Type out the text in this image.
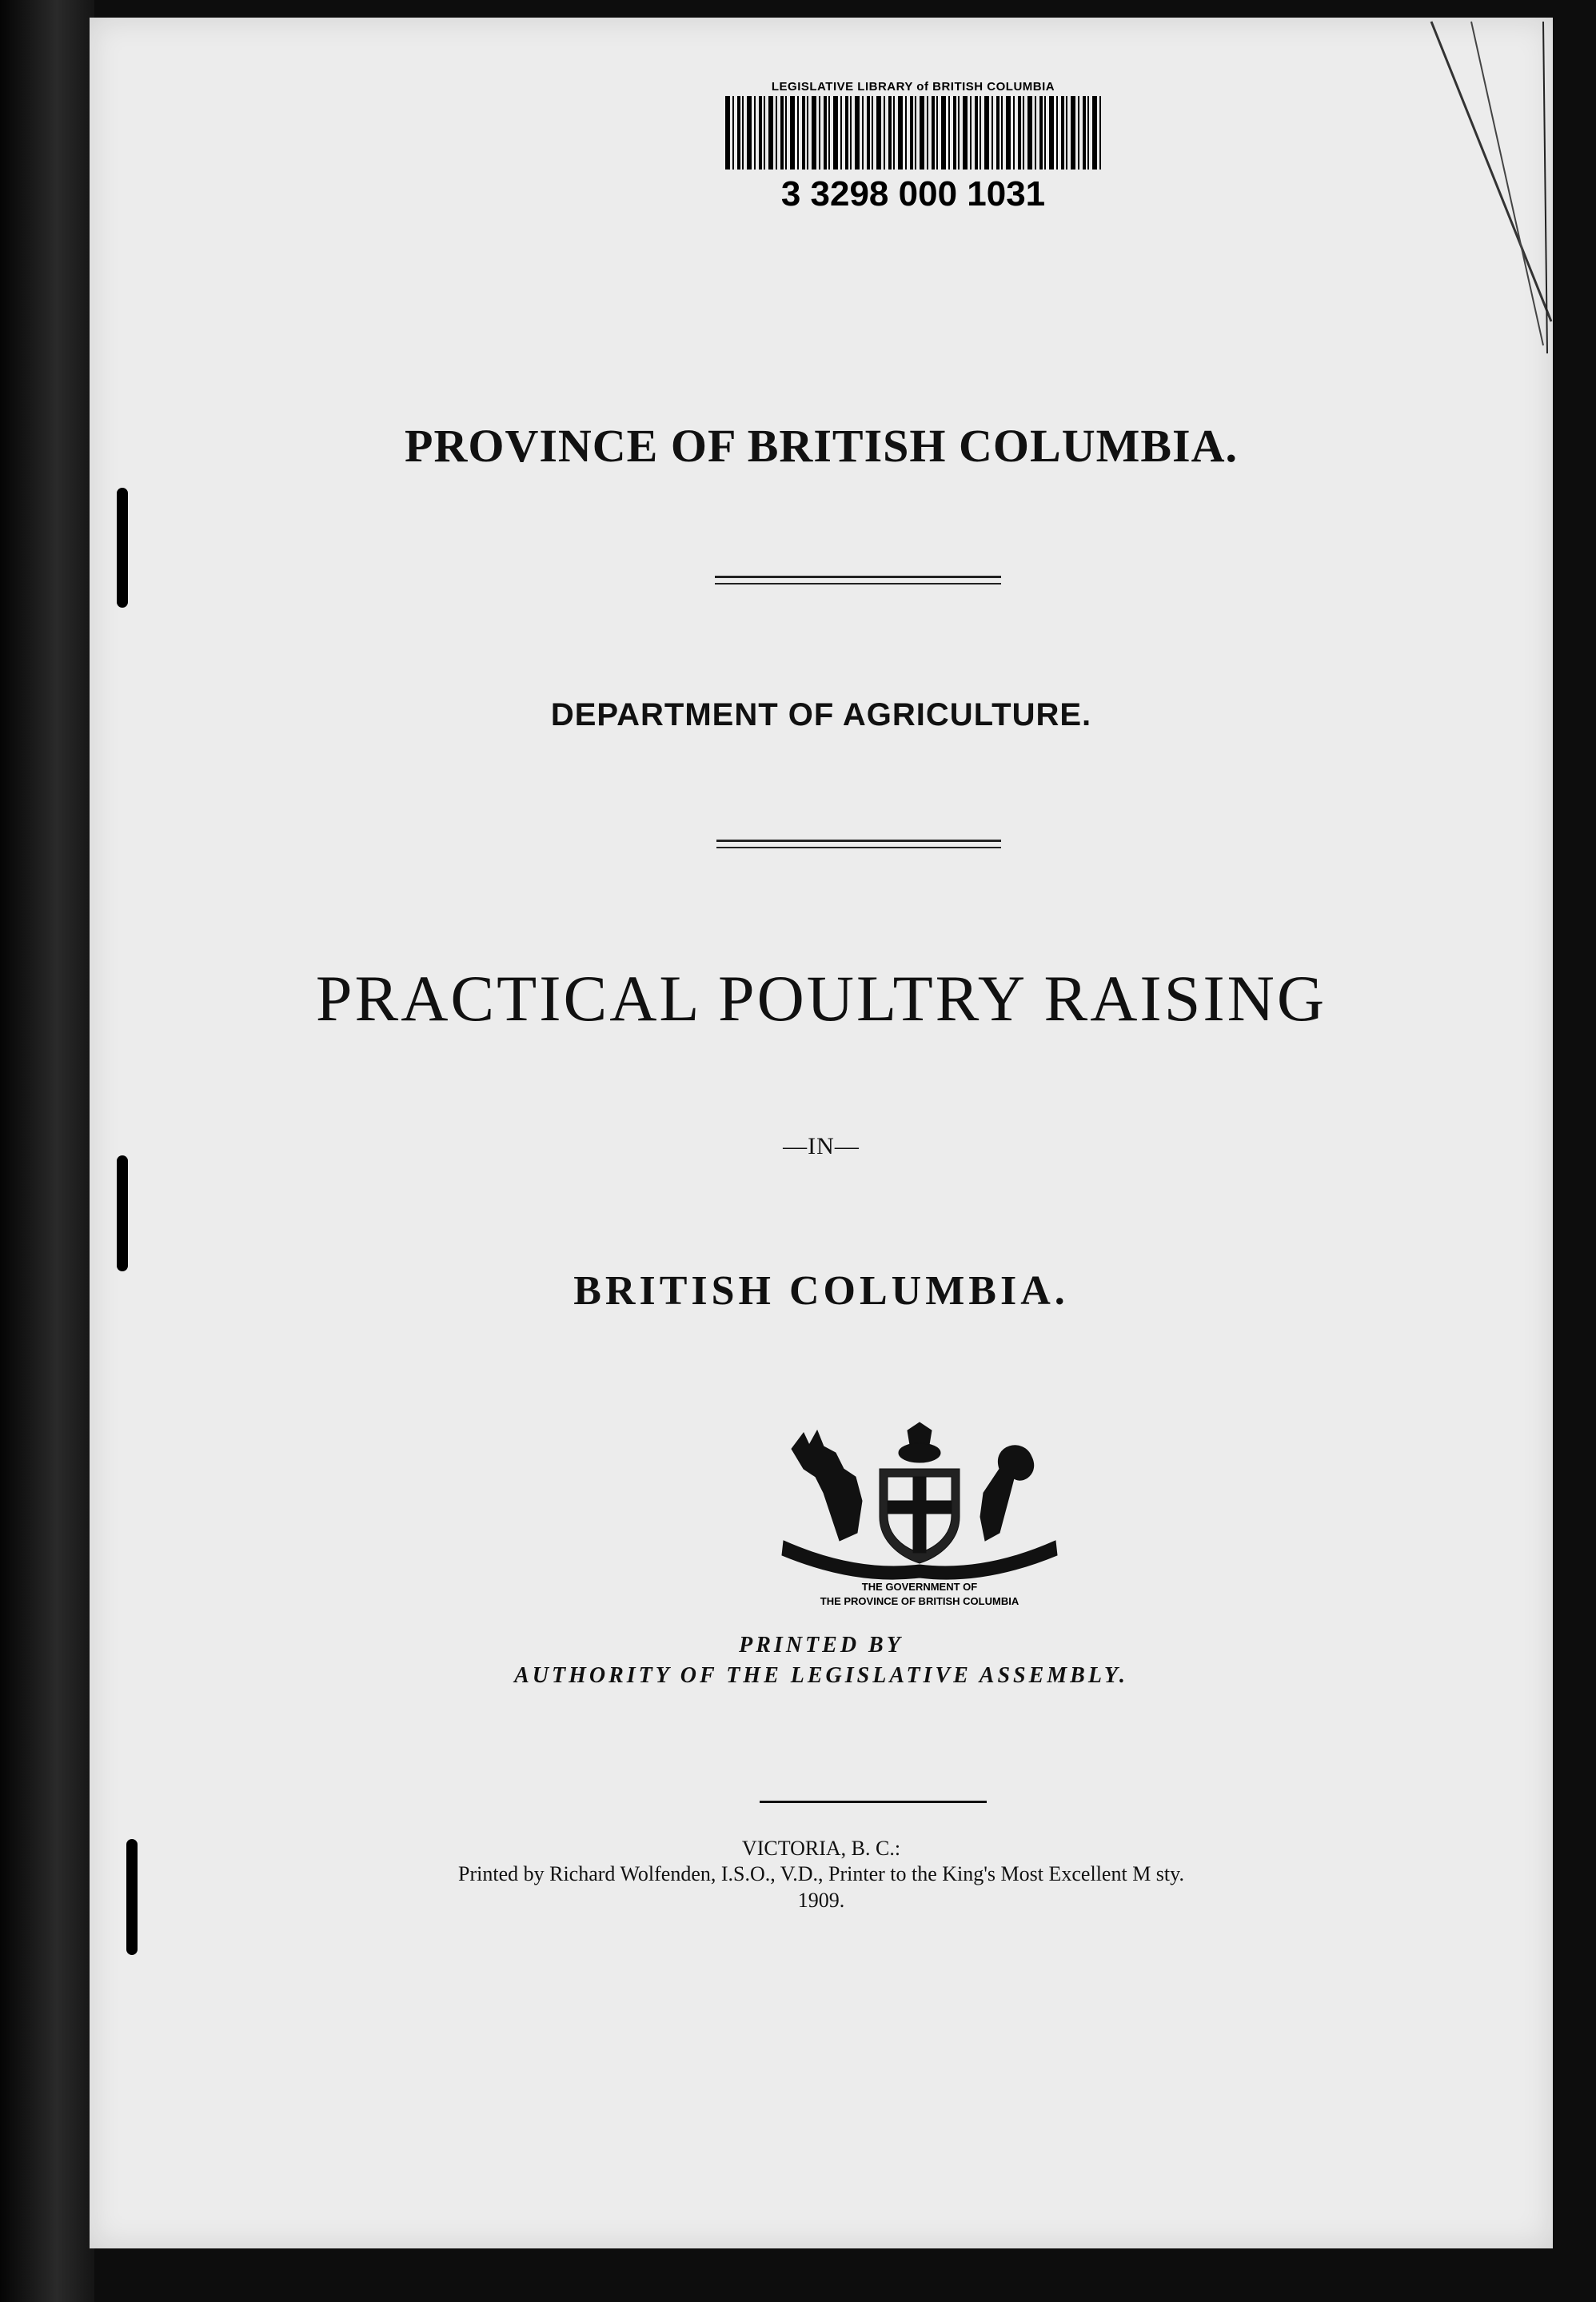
LEGISLATIVE LIBRARY of BRITISH COLUMBIA
3 3298 000 1031
PROVINCE OF BRITISH COLUMBIA.
DEPARTMENT OF AGRICULTURE.
PRACTICAL POULTRY RAISING
—IN—
BRITISH COLUMBIA.
THE GOVERNMENT OF
THE PROVINCE OF BRITISH COLUMBIA
PRINTED BY
AUTHORITY OF THE LEGISLATIVE ASSEMBLY.
VICTORIA, B. C.:
Printed by Richard Wolfenden, I.S.O., V.D., Printer to the King's Most Excellent M sty.
1909.
